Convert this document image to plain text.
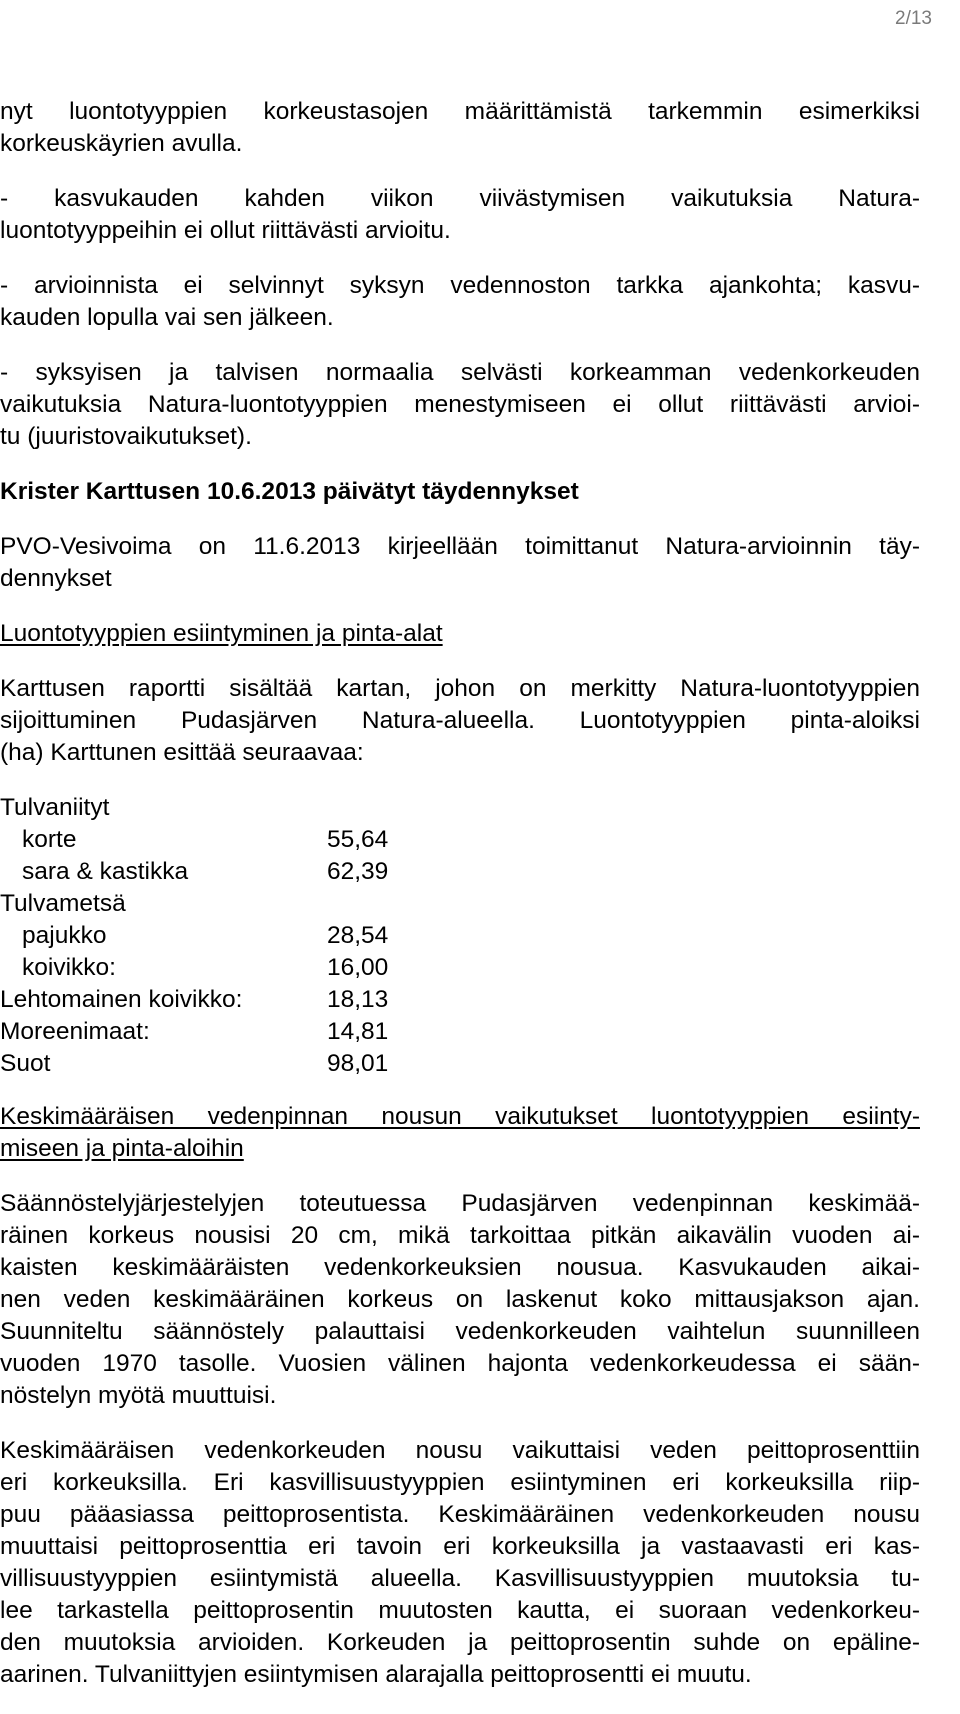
2/13
nyt luontotyyppien korkeustasojen määrittämistä tarkemmin esimerkiksi
korkeuskäyrien avulla.
- kasvukauden kahden viikon viivästymisen vaikutuksia Natura-
luontotyyppeihin ei ollut riittävästi arvioitu.
- arvioinnista ei selvinnyt syksyn vedennoston tarkka ajankohta; kasvu-
kauden lopulla vai sen jälkeen.
- syksyisen ja talvisen normaalia selvästi korkeamman vedenkorkeuden
vaikutuksia Natura-luontotyyppien menestymiseen ei ollut riittävästi arvioi-
tu (juuristovaikutukset).
Krister Karttusen 10.6.2013 päivätyt täydennykset
PVO-Vesivoima on 11.6.2013 kirjeellään toimittanut Natura-arvioinnin täy-
dennykset
Luontotyyppien esiintyminen ja pinta-alat
Karttusen raportti sisältää kartan, johon on merkitty Natura-luontotyyppien
sijoittuminen Pudasjärven Natura-alueella. Luontotyyppien pinta-aloiksi
(ha) Karttunen esittää seuraavaa:
Tulvaniityt
korte	55,64
sara & kastikka	62,39
Tulvametsä
pajukko	28,54
koivikko:	16,00
Lehtomainen koivikko:	18,13
Moreenimaat:	14,81
Suot	98,01
Keskimääräisen vedenpinnan nousun vaikutukset luontotyyppien esiinty-
miseen ja pinta-aloihin
Säännöstelyjärjestelyjen toteutuessa Pudasjärven vedenpinnan keskimää-
räinen korkeus nousisi 20 cm, mikä tarkoittaa pitkän aikavälin vuoden ai-
kaisten keskimääräisten vedenkorkeuksien nousua. Kasvukauden aikai-
nen veden keskimääräinen korkeus on laskenut koko mittausjakson ajan.
Suunniteltu säännöstely palauttaisi vedenkorkeuden vaihtelun suunnilleen
vuoden 1970 tasolle. Vuosien välinen hajonta vedenkorkeudessa ei sään-
nöstelyn myötä muuttuisi.
Keskimääräisen vedenkorkeuden nousu vaikuttaisi veden peittoprosenttiin
eri korkeuksilla. Eri kasvillisuustyyppien esiintyminen eri korkeuksilla riip-
puu pääasiassa peittoprosentista. Keskimääräinen vedenkorkeuden nousu
muuttaisi peittoprosenttia eri tavoin eri korkeuksilla ja vastaavasti eri kas-
villisuustyyppien esiintymistä alueella. Kasvillisuustyyppien muutoksia tu-
lee tarkastella peittoprosentin muutosten kautta, ei suoraan vedenkorkeu-
den muutoksia arvioiden. Korkeuden ja peittoprosentin suhde on epäline-
aarinen. Tulvaniittyjen esiintymisen alarajalla peittoprosentti ei muutu.
